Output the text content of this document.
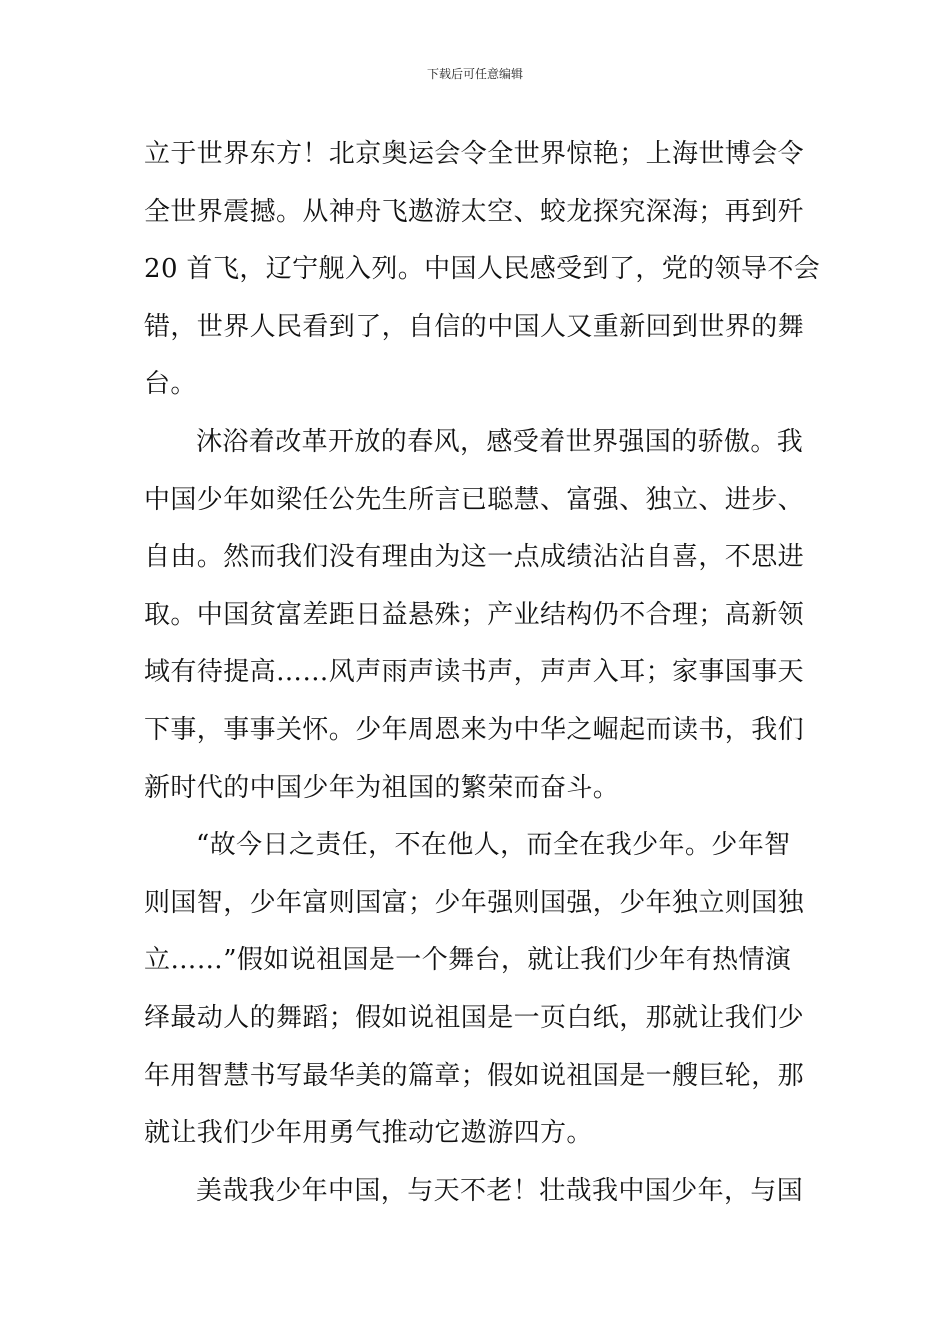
下载后可任意编辑

立于世界东方！北京奥运会令全世界惊艳；上海世博会令
全世界震撼。从神舟飞遨游太空、蛟龙探究深海；再到歼
20 首飞，辽宁舰入列。中国人民感受到了，党的领导不会
错，世界人民看到了，自信的中国人又重新回到世界的舞
台。

沐浴着改革开放的春风，感受着世界强国的骄傲。我
中国少年如梁任公先生所言已聪慧、富强、独立、进步、
自由。然而我们没有理由为这一点成绩沾沾自喜，不思进
取。中国贫富差距日益悬殊；产业结构仍不合理；高新领
域有待提高……风声雨声读书声，声声入耳；家事国事天
下事，事事关怀。少年周恩来为中华之崛起而读书，我们
新时代的中国少年为祖国的繁荣而奋斗。

“故今日之责任，不在他人，而全在我少年。少年智
则国智，少年富则国富；少年强则国强，少年独立则国独
立……”假如说祖国是一个舞台，就让我们少年有热情演
绎最动人的舞蹈；假如说祖国是一页白纸，那就让我们少
年用智慧书写最华美的篇章；假如说祖国是一艘巨轮，那
就让我们少年用勇气推动它遨游四方。

美哉我少年中国，与天不老！壮哉我中国少年，与国
